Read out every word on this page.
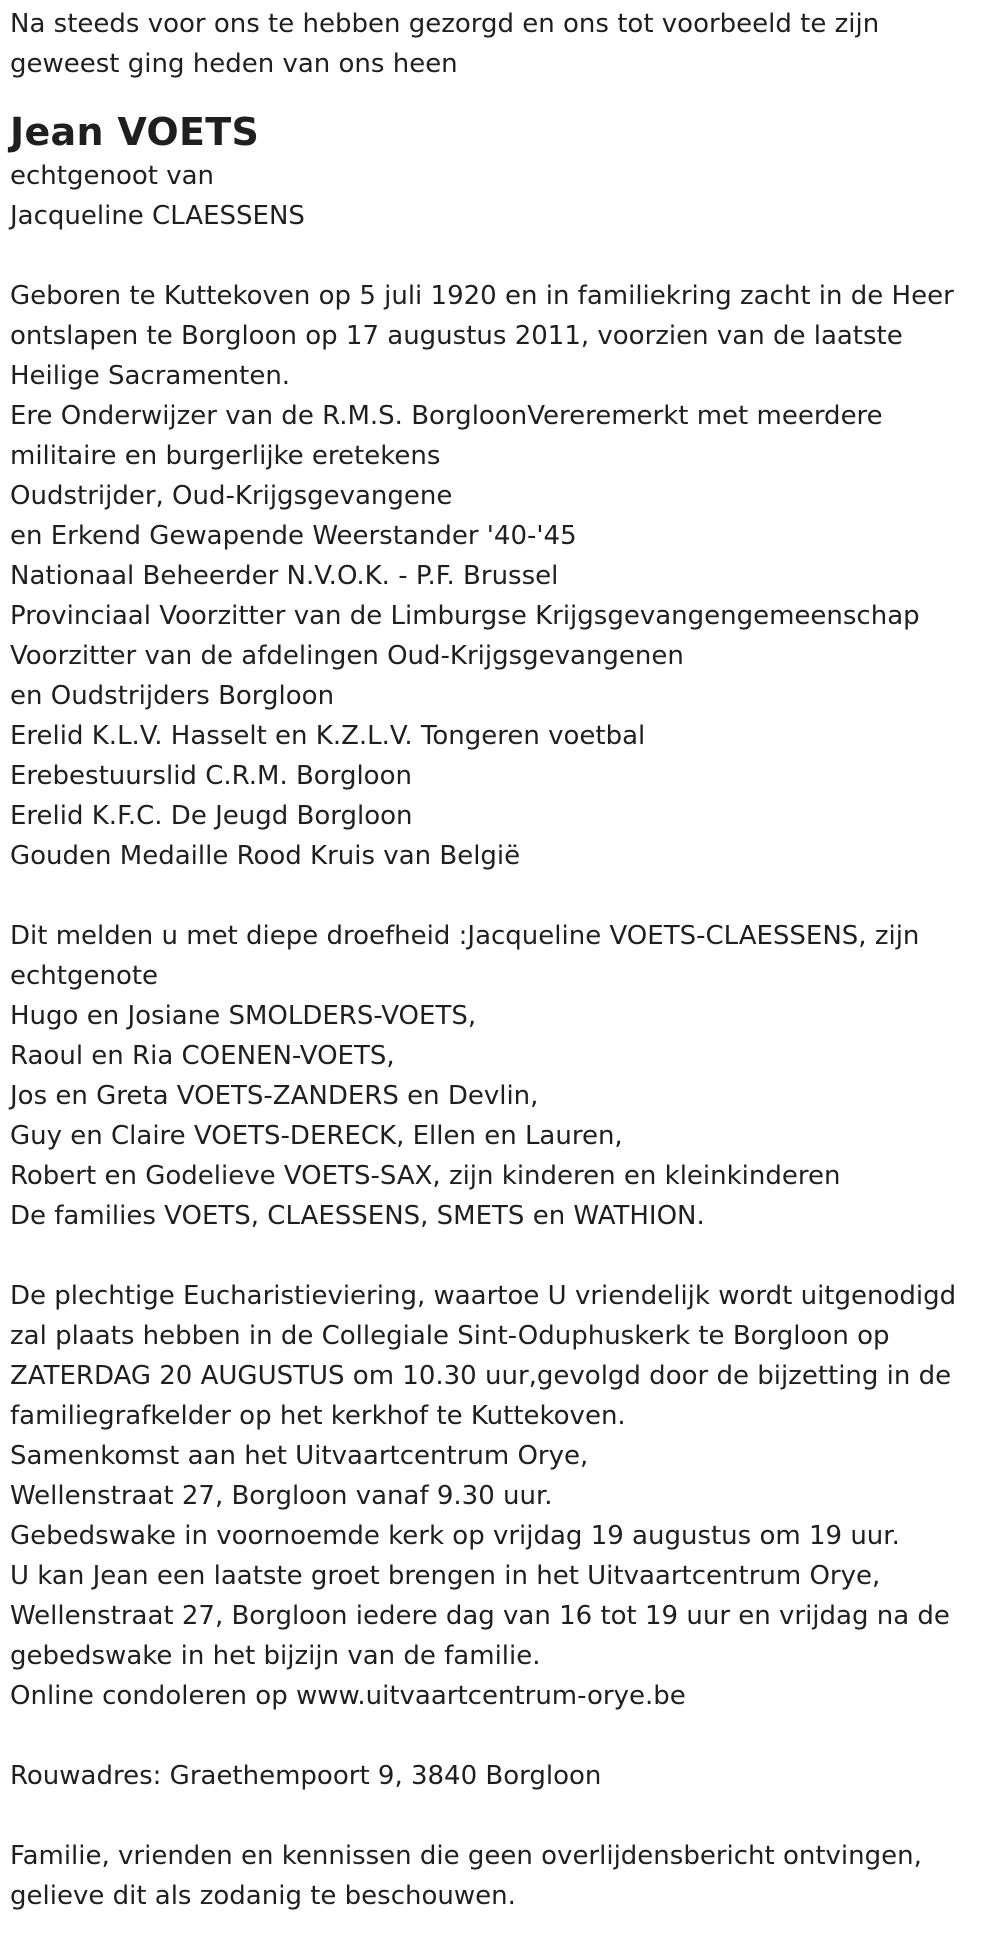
Na steeds voor ons te hebben gezorgd en ons tot voorbeeld te zijn geweest ging heden van ons heen

Jean VOETS

echtgenoot van

Jacqueline CLAESSENS

Geboren te Kuttekoven op 5 juli 1920 en in familiekring zacht in de Heer ontslapen te Borgloon op 17 augustus 2011, voorzien van de laatste Heilige Sacramenten.

Ere Onderwijzer van de R.M.S. BorgloonVereremerkt met meerdere militaire en burgerlijke eretekens

Oudstrijder, Oud-Krijgsgevangene

en Erkend Gewapende Weerstander '40-'45

Nationaal Beheerder N.V.O.K. - P.F. Brussel

Provinciaal Voorzitter van de Limburgse Krijgsgevangengemeenschap

Voorzitter van de afdelingen Oud-Krijgsgevangenen

en Oudstrijders Borgloon

Erelid K.L.V. Hasselt en K.Z.L.V. Tongeren voetbal

Erebestuurslid C.R.M. Borgloon

Erelid K.F.C. De Jeugd Borgloon

Gouden Medaille Rood Kruis van België

Dit melden u met diepe droefheid :Jacqueline VOETS-CLAESSENS, zijn echtgenote

Hugo en Josiane SMOLDERS-VOETS,

Raoul en Ria COENEN-VOETS,

Jos en Greta VOETS-ZANDERS en Devlin,

Guy en Claire VOETS-DERECK, Ellen en Lauren,

Robert en Godelieve VOETS-SAX, zijn kinderen en kleinkinderen

De families VOETS, CLAESSENS, SMETS en WATHION.

De plechtige Eucharistieviering, waartoe U vriendelijk wordt uitgenodigd zal plaats hebben in de Collegiale Sint-Oduphuskerk te Borgloon op ZATERDAG 20 AUGUSTUS om 10.30 uur,gevolgd door de bijzetting in de familiegrafkelder op het kerkhof te Kuttekoven.

Samenkomst aan het Uitvaartcentrum Orye,

Wellenstraat 27, Borgloon vanaf 9.30 uur.

Gebedswake in voornoemde kerk op vrijdag 19 augustus om 19 uur.

U kan Jean een laatste groet brengen in het Uitvaartcentrum Orye, Wellenstraat 27, Borgloon iedere dag van 16 tot 19 uur en vrijdag na de gebedswake in het bijzijn van de familie.

Online condoleren op www.uitvaartcentrum-orye.be

Rouwadres: Graethempoort 9, 3840 Borgloon

Familie, vrienden en kennissen die geen overlijdensbericht ontvingen, gelieve dit als zodanig te beschouwen.
